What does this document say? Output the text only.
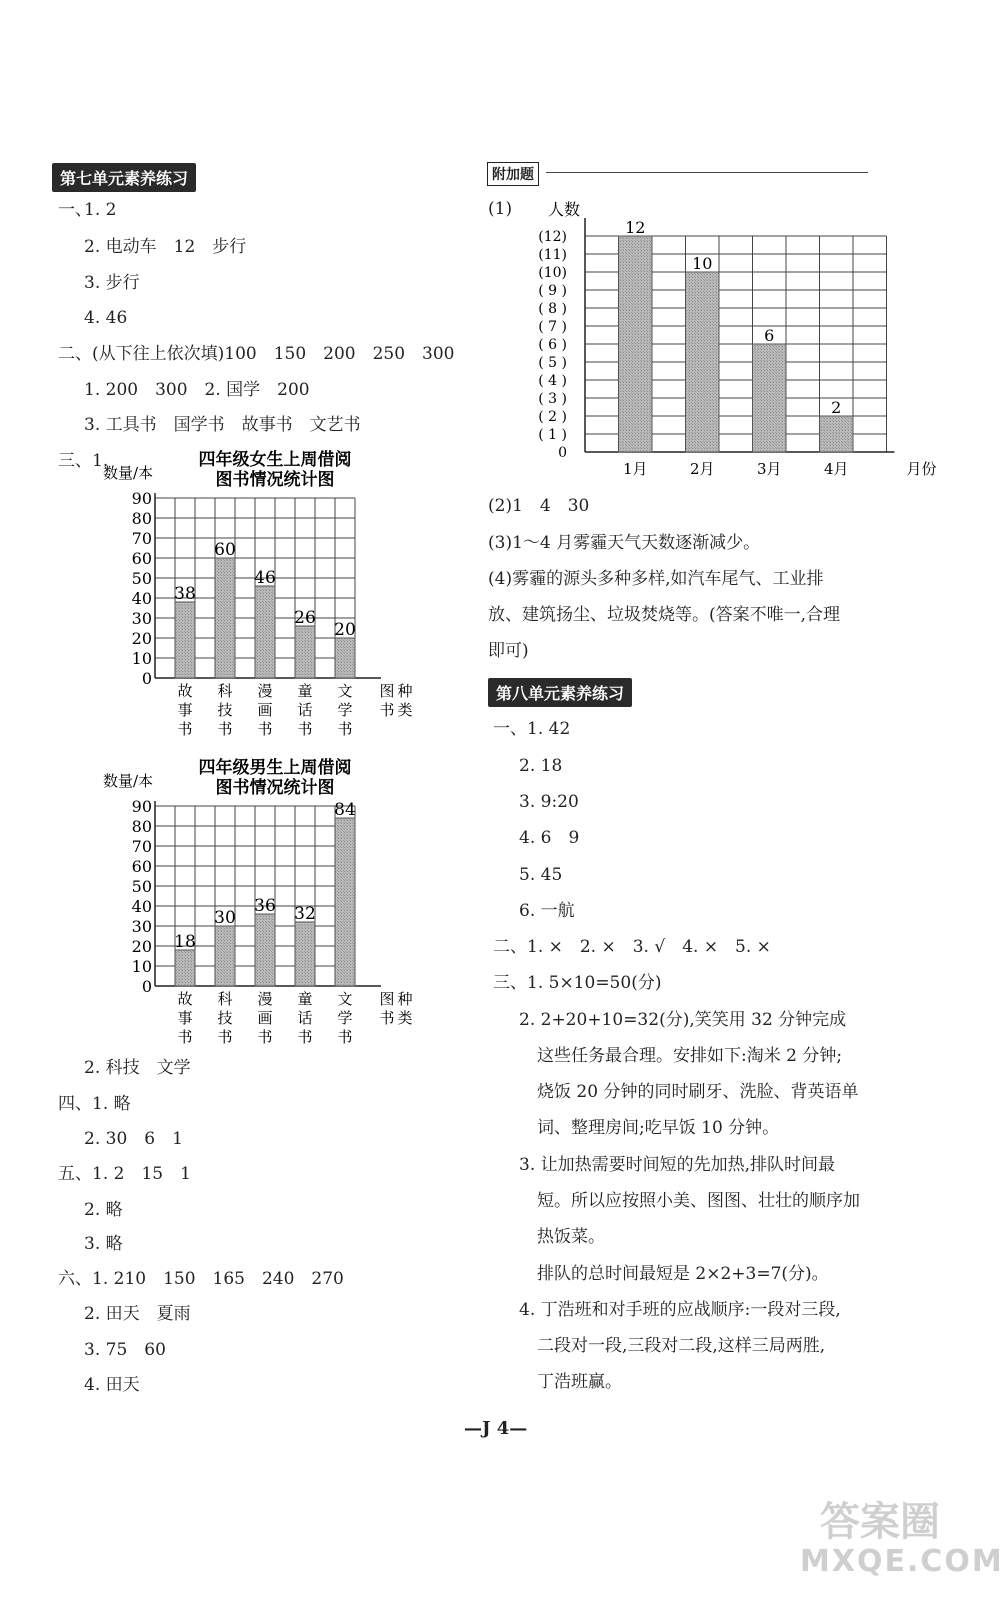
第七单元素养练习
一、
1. 2
2. 电动车　12　步行
3. 步行
4. 46
二、(从下往上依次填)100　150　200　250　300
1. 200　300　2. 国学　200
3. 工具书　国学书　故事书　文艺书
三、1.	四年级女生上周借阅
图书情况统计图
数量/本
0
10
20
30
40
50
60
70
80
90
38
故
事
书
60
科
技
书
46
漫
画
书
26
童
话
书
20
文
学
书
图
书
种
类
四年级男生上周借阅
图书情况统计图
数量/本
0
10
20
30
40
50
60
70
80
90
18
故
事
书
30
科
技
书
36
漫
画
书
32
童
话
书
84
文
学
书
图
书
种
类
2. 科技　文学
四、1. 略
2. 30　6　1
五、1. 2　15　1
2. 略
3. 略
六、1. 210　150　165　240　270
2. 田天　夏雨
3. 75　60
4. 田天
附加题
(1) 人数
0
( 1 )
( 2 )
( 3 )
( 4 )
( 5 )
( 6 )
( 7 )
( 8 )
( 9 )
(10)
(11)
(12)	12
1月
10
2月
6
3月
2
4月	月份
(2)1　4　30
(3)1～4 月雾霾天气天数逐渐减少。
(4)雾霾的源头多种多样,如汽车尾气、工业排
放、建筑扬尘、垃圾焚烧等。(答案不唯一,合理
即可)
第八单元素养练习
一、1. 42
2. 18
3. 9:20
4. 6　9
5. 45
6. 一航
二、1. ×　2. ×　3. √　4. ×　5. ×
三、1. 5×10=50(分)
2. 2+20+10=32(分),笑笑用 32 分钟完成
这些任务最合理。安排如下:淘米 2 分钟;
烧饭 20 分钟的同时刷牙、洗脸、背英语单
词、整理房间;吃早饭 10 分钟。
3. 让加热需要时间短的先加热,排队时间最
短。所以应按照小美、图图、壮壮的顺序加
热饭菜。
排队的总时间最短是 2×2+3=7(分)。
4. 丁浩班和对手班的应战顺序:一段对三段,
二段对一段,三段对二段,这样三局两胜,
丁浩班赢。
—J 4—
答案圈
MXQE.COM
